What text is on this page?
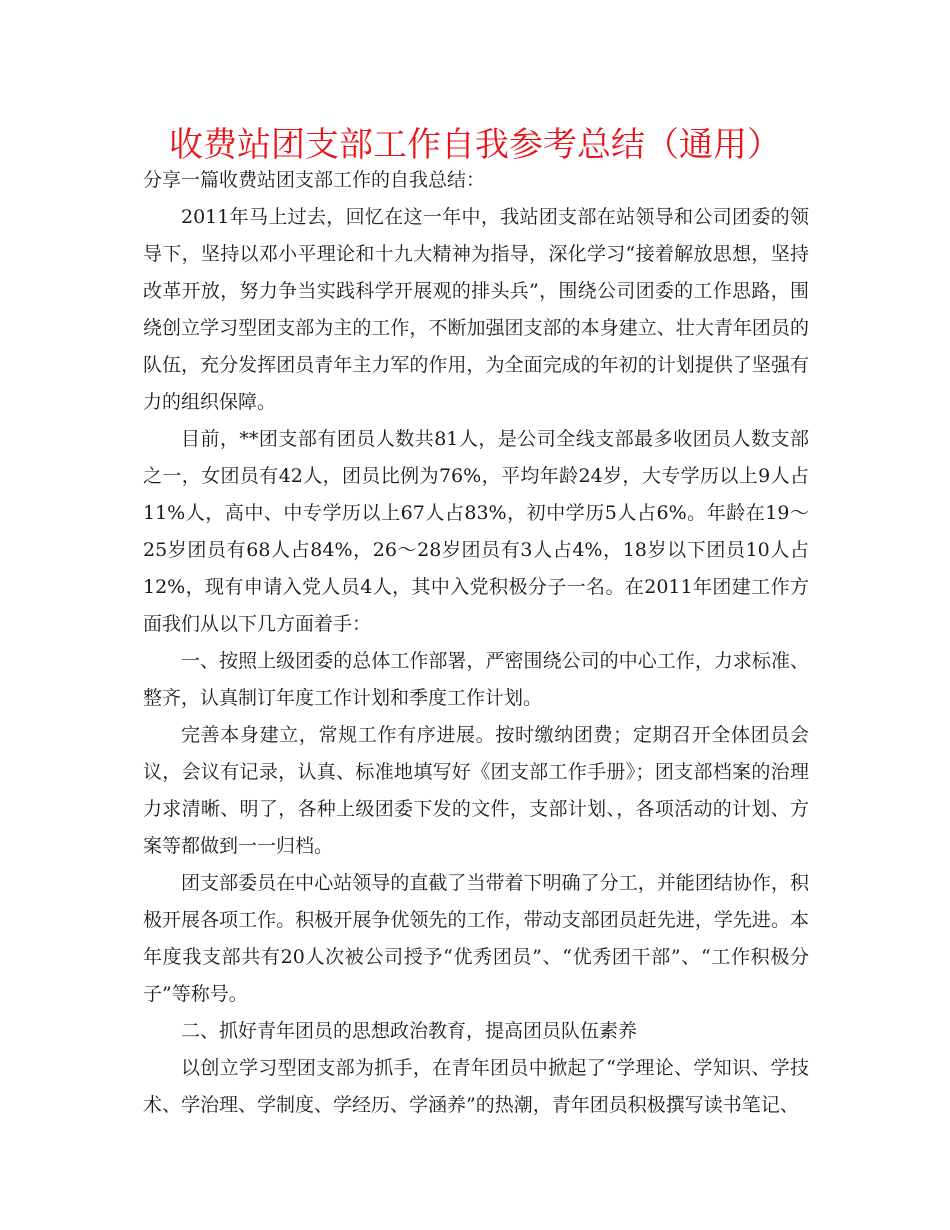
收费站团支部工作自我参考总结（通用）

分享一篇收费站团支部工作的自我总结：

2011年马上过去，回忆在这一年中，我站团支部在站领导和公司团委的领导下，坚持以邓小平理论和十九大精神为指导，深化学习“接着解放思想，坚持改革开放，努力争当实践科学开展观的排头兵”，围绕公司团委的工作思路，围绕创立学习型团支部为主的工作，不断加强团支部的本身建立、壮大青年团员的队伍，充分发挥团员青年主力军的作用，为全面完成的年初的计划提供了坚强有力的组织保障。

目前，**团支部有团员人数共81人，是公司全线支部最多收团员人数支部之一，女团员有42人，团员比例为76%，平均年龄24岁，大专学历以上9人占11%人，高中、中专学历以上67人占83%，初中学历5人占6%。年龄在19～25岁团员有68人占84%，26～28岁团员有3人占4%，18岁以下团员10人占12%，现有申请入党人员4人，其中入党积极分子一名。在2011年团建工作方面我们从以下几方面着手：

一、按照上级团委的总体工作部署，严密围绕公司的中心工作，力求标准、整齐，认真制订年度工作计划和季度工作计划。

完善本身建立，常规工作有序进展。按时缴纳团费；定期召开全体团员会议，会议有记录，认真、标准地填写好《团支部工作手册》；团支部档案的治理力求清晰、明了，各种上级团委下发的文件，支部计划、，各项活动的计划、方案等都做到一一归档。

团支部委员在中心站领导的直截了当带着下明确了分工，并能团结协作，积极开展各项工作。积极开展争优领先的工作，带动支部团员赶先进，学先进。本年度我支部共有20人次被公司授予“优秀团员”、“优秀团干部”、“工作积极分子”等称号。

二、抓好青年团员的思想政治教育，提高团员队伍素养

以创立学习型团支部为抓手，在青年团员中掀起了“学理论、学知识、学技术、学治理、学制度、学经历、学涵养”的热潮，青年团员积极撰写读书笔记、
